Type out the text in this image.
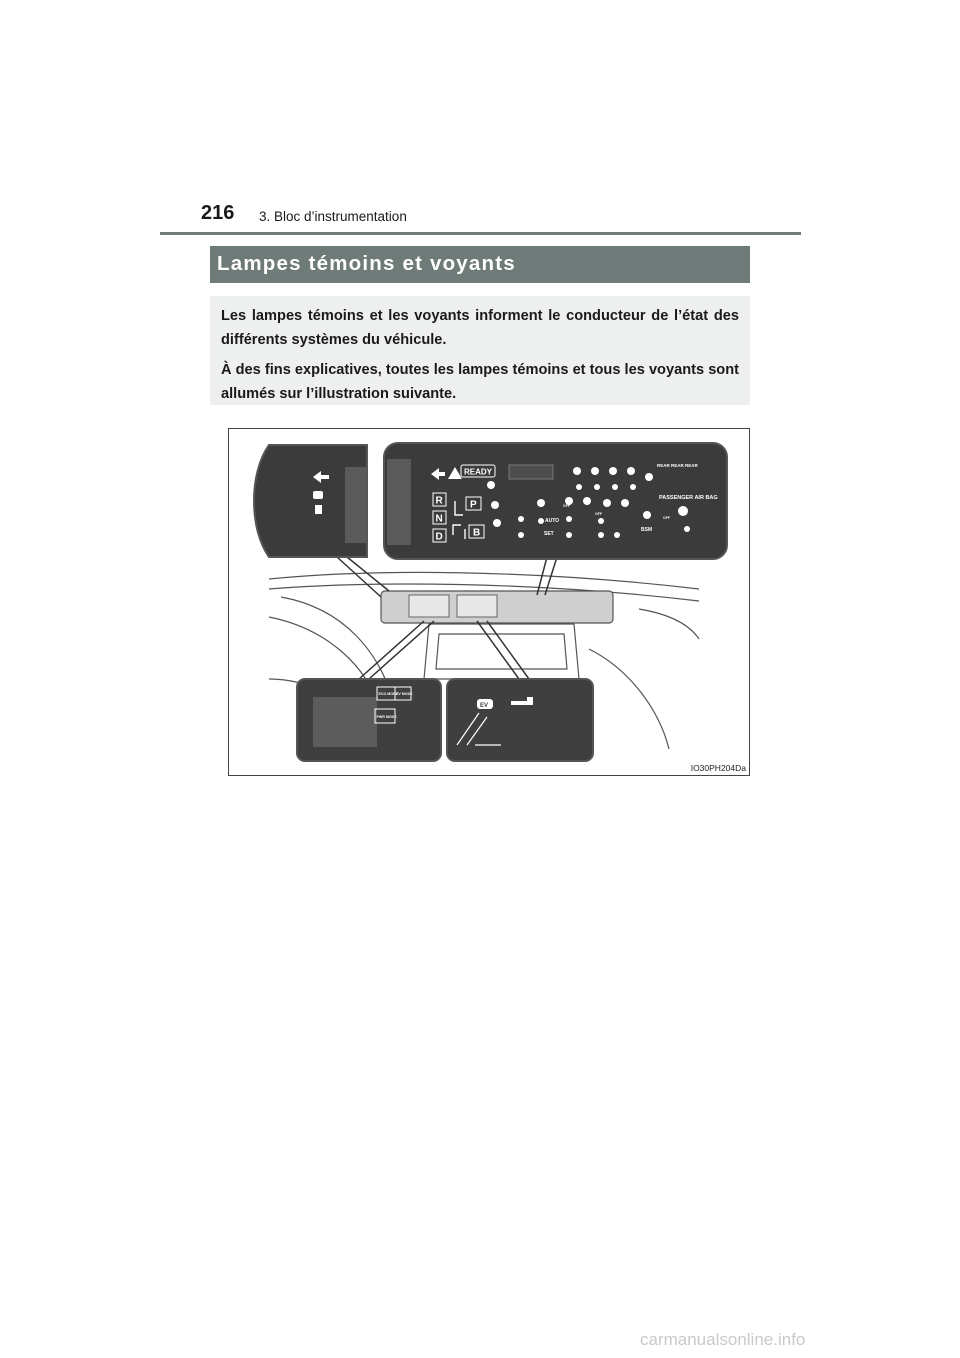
216 3. Bloc d’instrumentation
Lampes témoins et voyants

Les lampes témoins et les voyants informent le conducteur de l’état des différents systèmes du véhicule.

À des fins explicatives, toutes les lampes témoins et tous les voyants sont allumés sur l’illustration suivante.

R
N
D
P
B
READY
REAR REAR REAR
PASSENGER AIR BAG
AUTO
SET
BSM
OFF
OFF
OFF
ECO MODE
EV MODE
PWR MODE
EV
IO30PH204Da
carmanualsonline.info
